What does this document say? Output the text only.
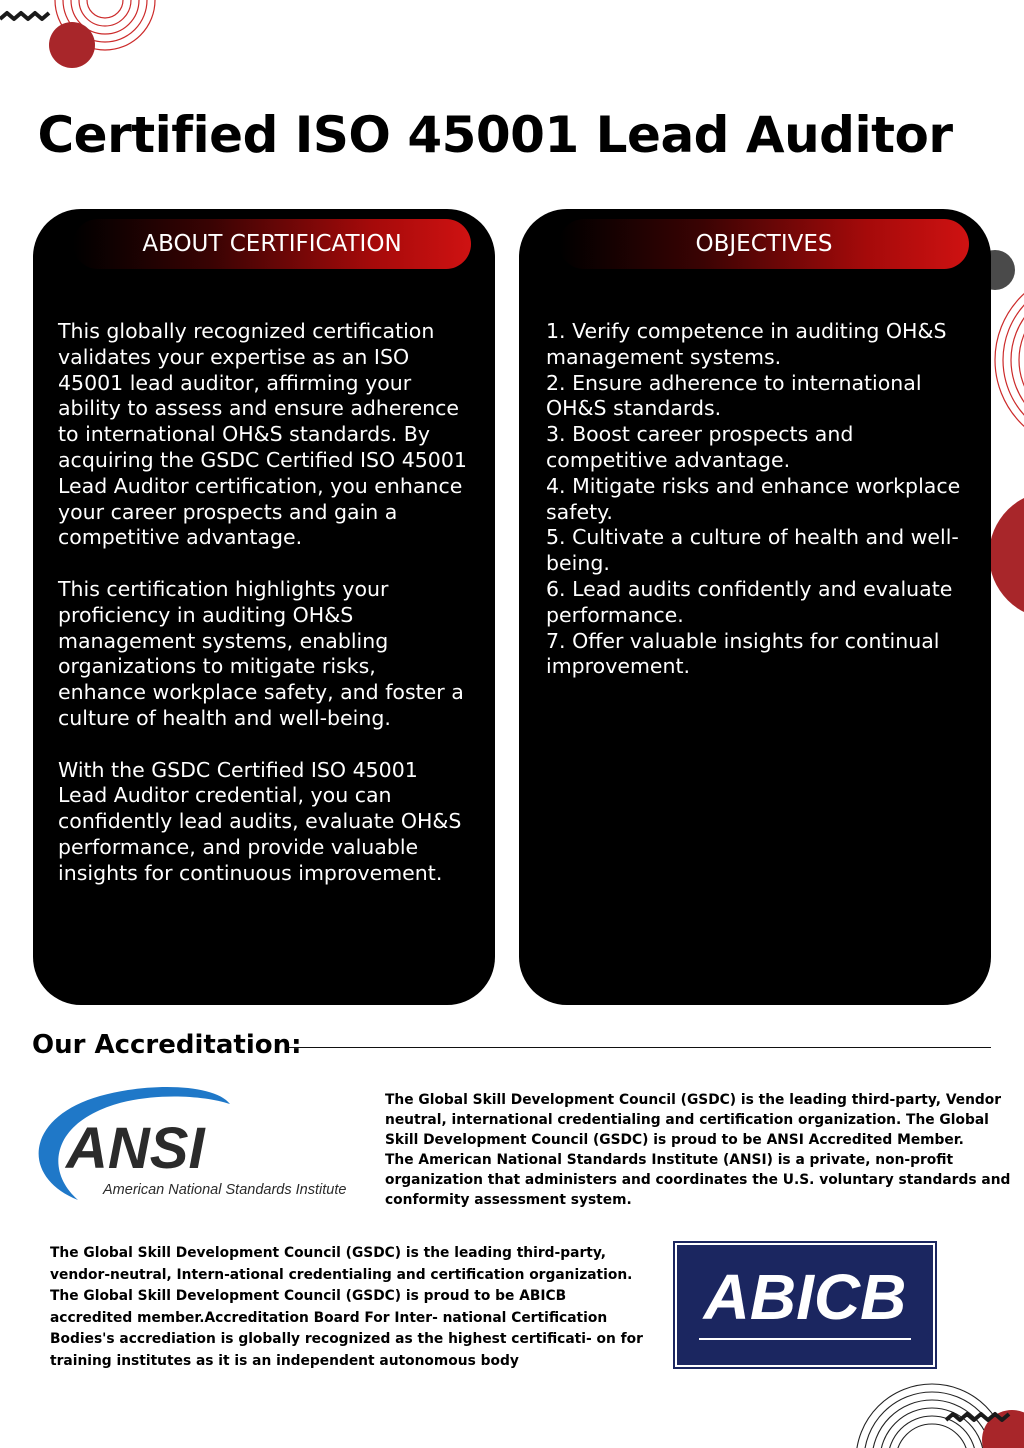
Certified ISO 45001 Lead Auditor
ABOUT CERTIFICATION

This globally recognized certification validates your expertise as an ISO 45001 lead auditor, affirming your ability to assess and ensure adherence to international OH&S standards. By acquiring the GSDC Certified ISO 45001 Lead Auditor certification, you enhance your career prospects and gain a competitive advantage.

This certification highlights your proficiency in auditing OH&S management systems, enabling organizations to mitigate risks, enhance workplace safety, and foster a culture of health and well-being.

With the GSDC Certified ISO 45001 Lead Auditor credential, you can confidently lead audits, evaluate OH&S performance, and provide valuable insights for continuous improvement.

OBJECTIVES

1. Verify competence in auditing OH&S management systems.

2. Ensure adherence to international OH&S standards.

3. Boost career prospects and competitive advantage.

4. Mitigate risks and enhance workplace safety.

5. Cultivate a culture of health and well-being.

6. Lead audits confidently and evaluate performance.

7. Offer valuable insights for continual improvement.

Our Accreditation:
ANSI
American National Standards Institute

The Global Skill Development Council (GSDC) is the leading third-party, Vendor neutral, international credentialing and certification organization. The Global Skill Development Council (GSDC) is proud to be ANSI Accredited Member.

The American National Standards Institute (ANSI) is a private, non-profit organization that administers and coordinates the U.S. voluntary standards and conformity assessment system.

The Global Skill Development Council (GSDC) is the leading third-party, vendor-neutral, Intern-ational credentialing and certification organization. The Global Skill Development Council (GSDC) is proud to be ABICB accredited member.Accreditation Board For Inter- national Certification Bodies's accrediation is globally recognized as the highest certificati- on for training institutes as it is an independent autonomous body
ABICB
